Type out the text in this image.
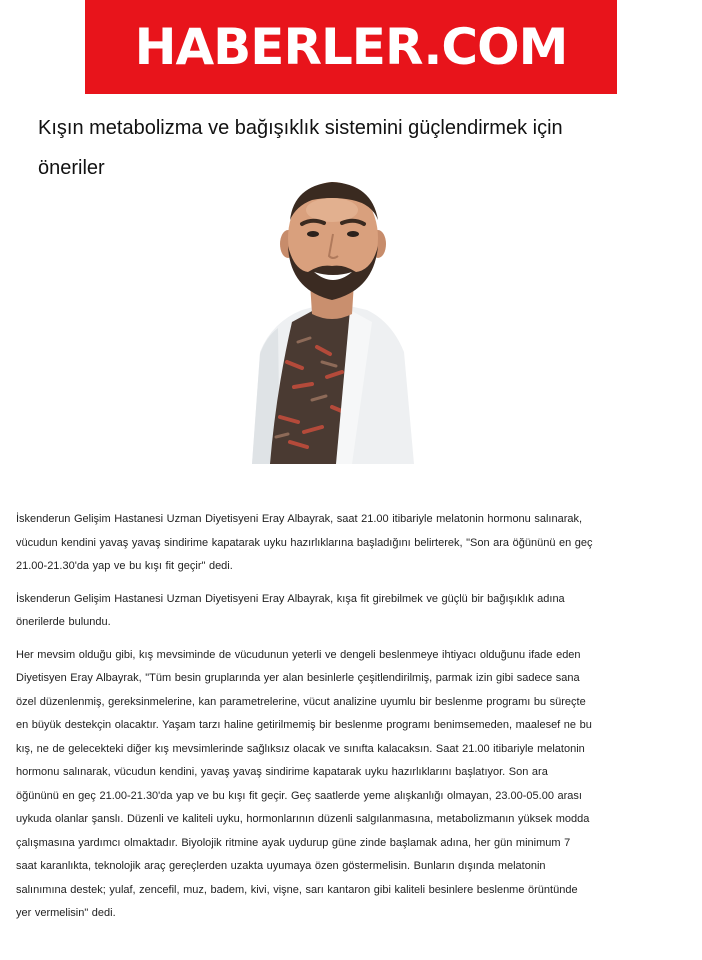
HABERLER.COM
Kışın metabolizma ve bağışıklık sistemini güçlendirmek için öneriler

İskenderun Gelişim Hastanesi Uzman Diyetisyeni Eray Albayrak, saat 21.00 itibariyle melatonin hormonu salınarak, vücudun kendini yavaş yavaş sindirime kapatarak uyku hazırlıklarına başladığını belirterek, "Son ara öğününü en geç 21.00-21.30'da yap ve bu kışı fit geçir" dedi.

İskenderun Gelişim Hastanesi Uzman Diyetisyeni Eray Albayrak, kışa fit girebilmek ve güçlü bir bağışıklık adına önerilerde bulundu.

Her mevsim olduğu gibi, kış mevsiminde de vücudunun yeterli ve dengeli beslenmeye ihtiyacı olduğunu ifade eden Diyetisyen Eray Albayrak, "Tüm besin gruplarında yer alan besinlerle çeşitlendirilmiş, parmak izin gibi sadece sana özel düzenlenmiş, gereksinmelerine, kan parametrelerine, vücut analizine uyumlu bir beslenme programı bu süreçte en büyük destekçin olacaktır. Yaşam tarzı haline getirilmemiş bir beslenme programı benimsemeden, maalesef ne bu kış, ne de gelecekteki diğer kış mevsimlerinde sağlıksız olacak ve sınıfta kalacaksın. Saat 21.00 itibariyle melatonin hormonu salınarak, vücudun kendini, yavaş yavaş sindirime kapatarak uyku hazırlıklarını başlatıyor. Son ara öğününü en geç 21.00-21.30'da yap ve bu kışı fit geçir. Geç saatlerde yeme alışkanlığı olmayan, 23.00-05.00 arası uykuda olanlar şanslı. Düzenli ve kaliteli uyku, hormonlarının düzenli salgılanmasına, metabolizmanın yüksek modda çalışmasına yardımcı olmaktadır. Biyolojik ritmine ayak uydurup güne zinde başlamak adına, her gün minimum 7 saat karanlıkta, teknolojik araç gereçlerden uzakta uyumaya özen göstermelisin. Bunların dışında melatonin salınımına destek; yulaf, zencefil, muz, badem, kivi, vişne, sarı kantaron gibi kaliteli besinlere beslenme örüntünde yer vermelisin" dedi.
